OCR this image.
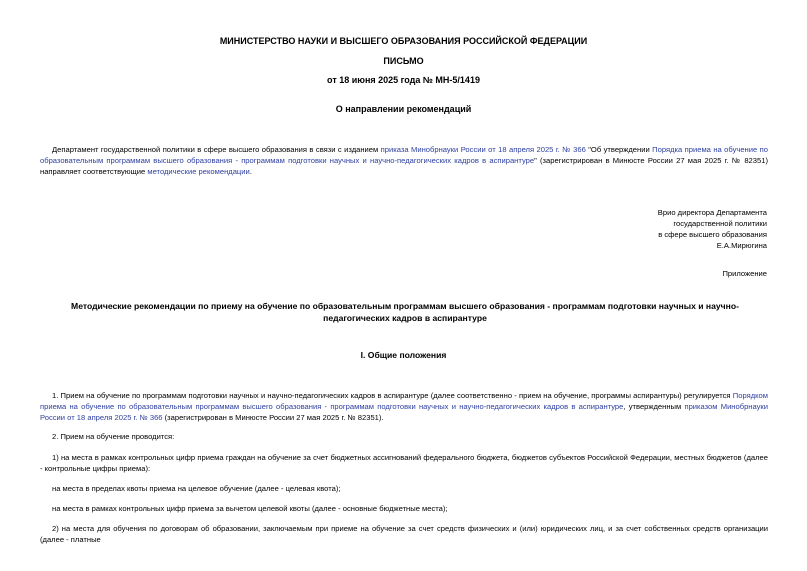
МИНИСТЕРСТВО НАУКИ И ВЫСШЕГО ОБРАЗОВАНИЯ РОССИЙСКОЙ ФЕДЕРАЦИИ
ПИСЬМО
от 18 июня 2025 года № МН-5/1419
О направлении рекомендаций
Департамент государственной политики в сфере высшего образования в связи с изданием приказа Минобрнауки России от 18 апреля 2025 г. № 366 "Об утверждении Порядка приема на обучение по образовательным программам высшего образования - программам подготовки научных и научно-педагогических кадров в аспирантуре" (зарегистрирован в Минюсте России 27 мая 2025 г. № 82351) направляет соответствующие методические рекомендации.
Врио директора Департамента
государственной политики
в сфере высшего образования
Е.А.Мирюгина
Приложение
Методические рекомендации по приему на обучение по образовательным программам высшего образования - программам подготовки научных и научно-педагогических кадров в аспирантуре
I. Общие положения
1. Прием на обучение по программам подготовки научных и научно-педагогических кадров в аспирантуре (далее соответственно - прием на обучение, программы аспирантуры) регулируется Порядком приема на обучение по образовательным программам высшего образования - программам подготовки научных и научно-педагогических кадров в аспирантуре, утвержденным приказом Минобрнауки России от 18 апреля 2025 г. № 366 (зарегистрирован в Минюсте России 27 мая 2025 г. № 82351).
2. Прием на обучение проводится:
1) на места в рамках контрольных цифр приема граждан на обучение за счет бюджетных ассигнований федерального бюджета, бюджетов субъектов Российской Федерации, местных бюджетов (далее - контрольные цифры приема):
на места в пределах квоты приема на целевое обучение (далее - целевая квота);
на места в рамках контрольных цифр приема за вычетом целевой квоты (далее - основные бюджетные места);
2) на места для обучения по договорам об образовании, заключаемым при приеме на обучение за счет средств физических и (или) юридических лиц, и за счет собственных средств организации (далее - платные
